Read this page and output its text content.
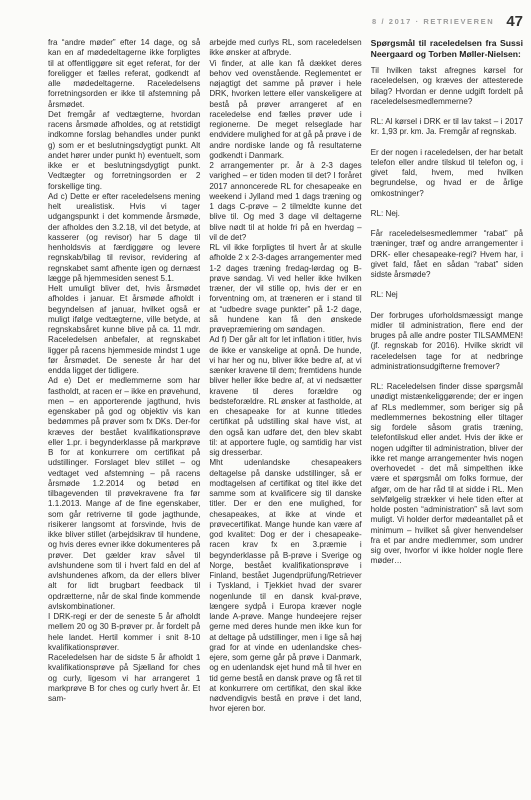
8 / 2017 · RETRIEVEREN 47

fra “andre møder” efter 14 dage, og så kan en af mødedeltagerne ikke forpligtes til at offentliggøre sit eget referat, for der foreligger et fælles referat, godkendt af alle mødedeltagerne. Raceledelsens forretningsorden er ikke til afstemning på årsmødet.

Det fremgår af vedtægterne, hvordan racens årsmøde afholdes, og at retstidigt indkomne forslag behandles under punkt g) som er et beslutningsdygtigt punkt. Alt andet hører under punkt h) eventuelt, som ikke er et beslutningsdygtigt punkt. Vedtægter og forretningsorden er 2 forskellige ting.

Ad c) Dette er efter raceledelsens mening helt urealistisk. Hvis vi tager udgangspunkt i det kommende årsmøde, der afholdes den 3.2.18, vil det betyde, at kasserer (og revisor) har 5 dage til henholdsvis at færdiggøre og levere regnskab/bilag til revisor, revidering af regnskabet samt afhente igen og dernæst lægge på hjemmesiden senest 5.1.

Helt umuligt bliver det, hvis årsmødet afholdes i januar. Et årsmøde afholdt i begyndelsen af januar, hvilket også er muligt ifølge vedtægterne, ville betyde, at regnskabsåret kunne blive på ca. 11 mdr. Raceledelsen anbefaler, at regnskabet ligger på racens hjemmeside mindst 1 uge før årsmødet. De seneste år har det endda ligget der tidligere.

Ad e) Det er medlemmerne som har fastholdt, at racen er – ikke en prøvehund, men – en apporterende jagthund, hvis egenskaber på god og objektiv vis kan bedømmes på prøver som fx DKs. Der-for kræves der bestået kvalifikationsprøve eller 1.pr. i begynderklasse på markprøve B for at konkurrere om certifikat på udstillinger. Forslaget blev stillet – og vedtaget ved afstemning – på racens årsmøde 1.2.2014 og betød en tilbagevenden til prøvekravene fra før 1.1.2013. Mange af de fine egenskaber, som går retriverne til gode jagthunde, risikerer langsomt at forsvinde, hvis de ikke bliver stillet (arbejdsikrav til hundene, og hvis deres evner ikke dokumenteres på prøver. Det gælder krav såvel til avlshundene som til i hvert fald en del af avlshundenes afkom, da der ellers bliver alt for lidt brugbart feedback til opdrætterne, når de skal finde kommende avlskombinationer.

I DRK-regi er der de seneste 5 år afholdt mellem 20 og 30 B-prøver pr. år fordelt på hele landet. Hertil kommer i snit 8-10 kvalifikationsprøver.

Raceledelsen har de sidste 5 år afholdt 1 kvalifikationsprøve på Sjælland for ches og curly, ligesom vi har arrangeret 1 markprøve B for ches og curly hvert år. Et sam-

arbejde med curlys RL, som raceledelsen ikke ønsker at afbryde.

Vi finder, at alle kan få dækket deres behov ved ovenstående. Reglementet er nøjagtigt det samme på prøver i hele DRK, hvorken lettere eller vanskeligere at bestå på prøver arrangeret af en raceledelse end fælles prøver ude i regionerne. De meget relseglade har endvidere mulighed for at gå på prøve i de andre nordiske lande og få resultaterne godkendt i Danmark.

2 arrangementer pr. år à 2-3 dages varighed – er tiden moden til det? I foråret 2017 annoncerede RL for chesapeake en weekend i Jylland med 1 dags træning og 1 dags C-prøve – 2 tilmeldte kunne det blive til. Og med 3 dage vil deltagerne blive nødt til at holde fri på en hverdag – vil de det?

RL vil ikke forpligtes til hvert år at skulle afholde 2 x 2-3-dages arrangementer med 1-2 dages træning fredag-lørdag og B-prøve søndag. Vi ved heller ikke hvilken træner, der vil stille op, hvis der er en forventning om, at træneren er i stand til at “udbedre svage punkter” på 1-2 dage, så hundene kan få den ønskede prøvepræmiering om søndagen.

Ad f) Der går alt for let inflation i titler, hvis de ikke er vanskelige at opnå. De hunde, vi har her og nu, bliver ikke bedre af, at vi sænker kravene til dem; fremtidens hunde bliver heller ikke bedre af, at vi nedsætter kravene til deres forældre og bedsteforældre. RL ønsker at fastholde, at en chesapeake for at kunne titledes certifikat på udstilling skal have vist, at den også kan udføre det, den blev skabt til: at apportere fugle, og samtidig har vist sig dresserbar.

Mht udenlandske chesapeakers deltagelse på danske udstillinger, så er modtagelsen af certifikat og titel ikke det samme som at kvalificere sig til danske titler. Der er den ene mulighed, for chesapeakes, at ikke at vinde et prøvecertifikat. Mange hunde kan være af god kvalitet: Dog er der i chesapeake-racen krav fx en 3.præmie i begynderklasse på B-prøve i Sverige og Norge, bestået kvalifikationsprøve i Finland, bestået Jugendprüfung/Retriever i Tyskland, i Tjekkiet hvad der svarer nogenlunde til en dansk kval-prøve, længere sydpå i Europa kræver nogle lande A-prøve. Mange hundeejere rejser gerne med deres hunde men ikke kun for at deltage på udstillinger, men i lige så høj grad for at vinde en udenlandske ches-ejere, som gerne går på prøve i Danmark, og en udenlandsk ejet hund må til hver en tid gerne bestå en dansk prøve og få ret til at konkurrere om certifikat, den skal ikke nødvendigvis bestå en prøve i det land, hvor ejeren bor.

Spørgsmål til raceledelsen fra Sussi Neergaard og Torben Møller-Nielsen:

Til hvilken takst afregnes kørsel for raceledelsen, og kræves der attesterede bilag? Hvordan er denne udgift fordelt på raceledelsesmedlemmerne?

RL: Al kørsel i DRK er til lav takst – i 2017 kr. 1,93 pr. km. Ja. Fremgår af regnskab.

Er der nogen i raceledelsen, der har betalt telefon eller andre tilskud til telefon og, i givet fald, hvem, med hvilken begrundelse, og hvad er de årlige omkostninger?

RL: Nej.

Får raceledelsesmedlemmer “rabat” på træninger, træf og andre arrangementer i DRK- eller chesapeake-regi? Hvem har, i givet fald, fået en sådan “rabat” siden sidste årsmøde?

RL: Nej

Der forbruges uforholdsmæssigt mange midler til administration, flere end der bruges på alle andre poster TILSAMMEN! (jf. regnskab for 2016). Hvilke skridt vil raceledelsen tage for at nedbringe administrationsudgifterne fremover?

RL: Raceledelsen finder disse spørgsmål unødigt mistænkeliggørende; der er ingen af RLs medlemmer, som beriger sig på medlemmernes bekostning eller tiltager sig fordele såsom gratis træning, telefontilskud eller andet. Hvis der ikke er nogen udgifter til administration, bliver der ikke ret mange arrangementer hvis nogen overhovedet - det må simpelthen ikke være et spørgsmål om folks formue, der afgør, om de har råd til at sidde i RL. Men selvfølgelig strækker vi hele tiden efter at holde posten “administration” så lavt som muligt. Vi holder derfor mødeantallet på et minimum – hvilket så giver henvendelser fra et par andre medlemmer, som undrer sig over, hvorfor vi ikke holder nogle flere møder…
